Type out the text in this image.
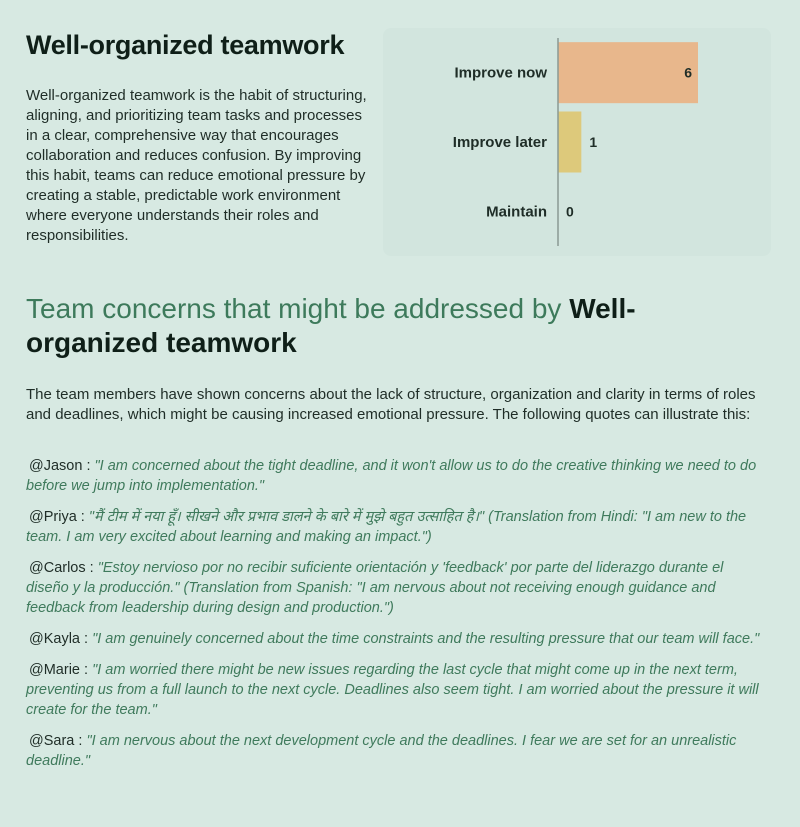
Well-organized teamwork

Well-organized teamwork is the habit of structuring, aligning, and prioritizing team tasks and processes in a clear, comprehensive way that encourages collaboration and reduces confusion. By improving this habit, teams can reduce emotional pressure by creating a stable, predictable work environment where everyone understands their roles and responsibilities.

Improve now	6
Improve later	1
Maintain 0
Team concerns that might be addressed by Well-organized teamwork

The team members have shown concerns about the lack of structure, organization and clarity in terms of roles and deadlines, which might be causing increased emotional pressure. The following quotes can illustrate this:

@Jason : "I am concerned about the tight deadline, and it won't allow us to do the creative thinking we need to do before we jump into implementation."

@Priya : "मैं टीम में नया हूँ। सीखने और प्रभाव डालने के बारे में मुझे बहुत उत्साहित है।" (Translation from Hindi: "I am new to the team. I am very excited about learning and making an impact.")

@Carlos : "Estoy nervioso por no recibir suficiente orientación y 'feedback' por parte del liderazgo durante el diseño y la producción." (Translation from Spanish: "I am nervous about not receiving enough guidance and feedback from leadership during design and production.")

@Kayla : "I am genuinely concerned about the time constraints and the resulting pressure that our team will face."

@Marie : "I am worried there might be new issues regarding the last cycle that might come up in the next term, preventing us from a full launch to the next cycle. Deadlines also seem tight. I am worried about the pressure it will create for the team."

@Sara : "I am nervous about the next development cycle and the deadlines. I fear we are set for an unrealistic deadline."
